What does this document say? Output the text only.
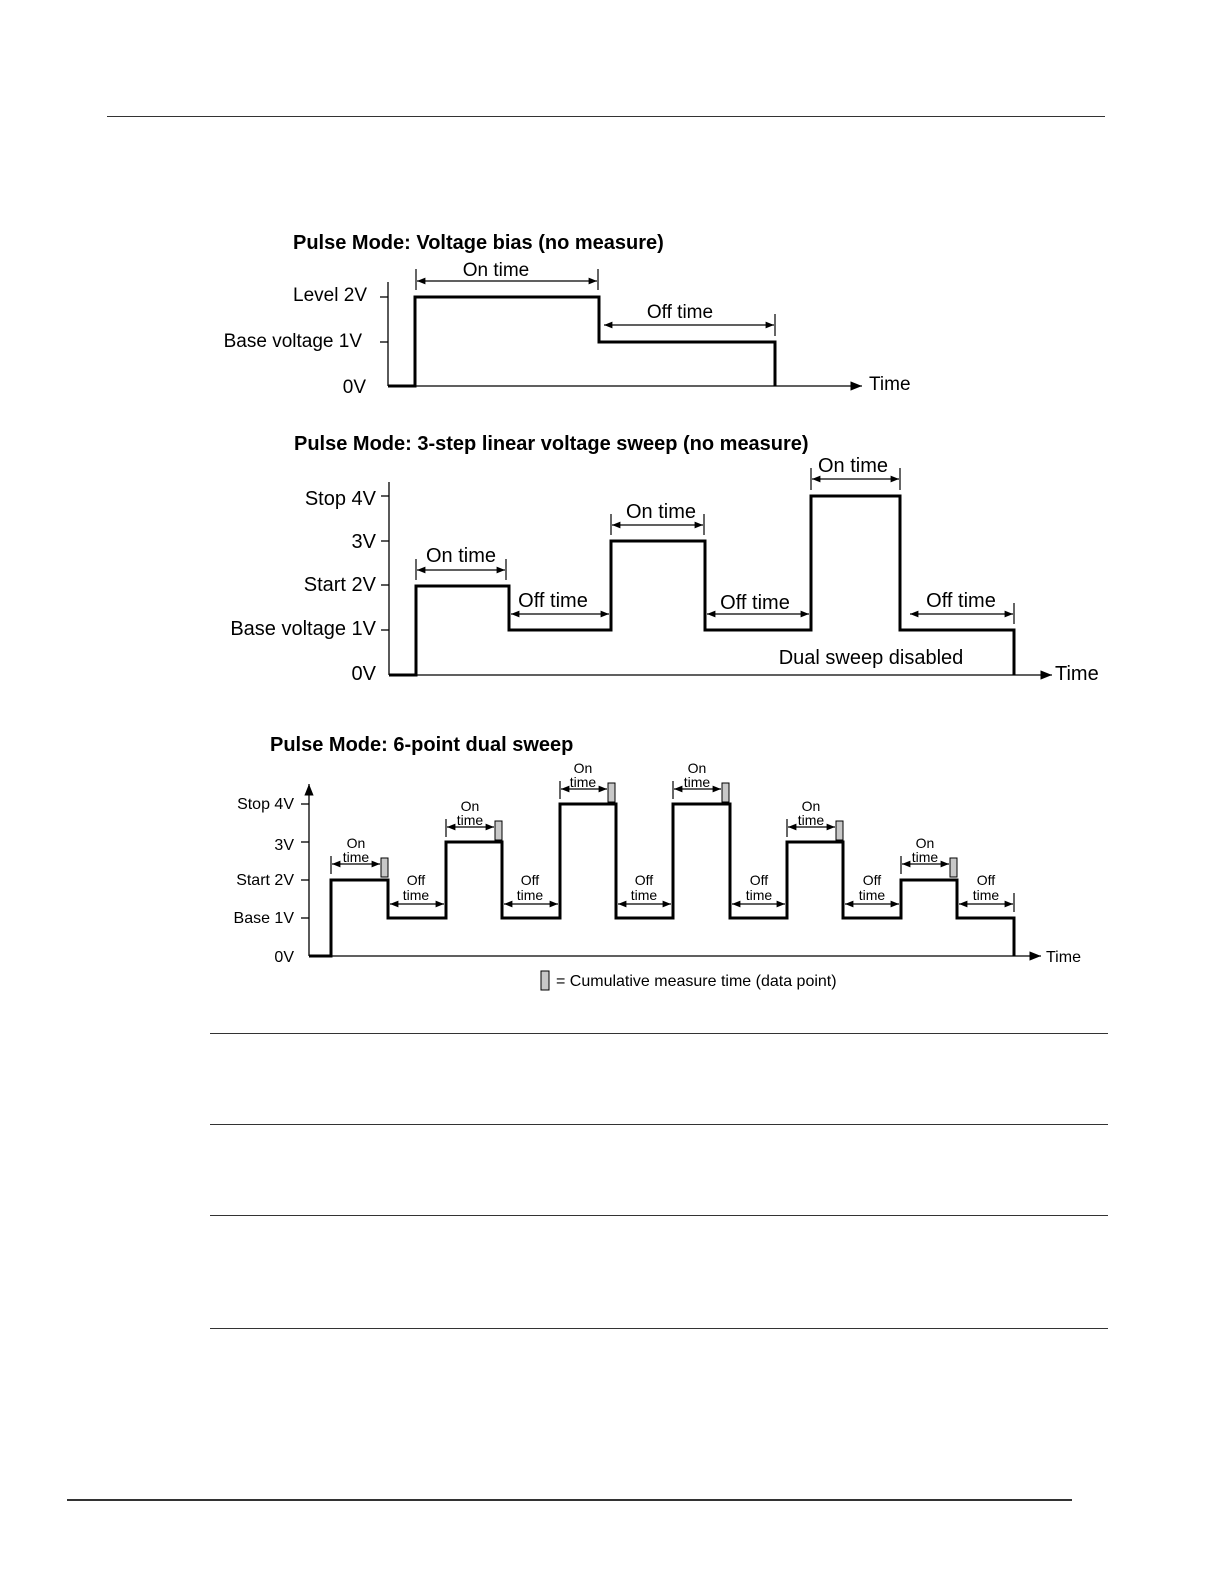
Pulse Mode: Voltage bias (no measure)
Level 2V
Base voltage 1V
0V	Time
On time
Off time
Pulse Mode: 3-step linear voltage sweep (no measure)
Stop 4V
3V
Start 2V
Base voltage 1V
0V	Time
On time
On time
On time
Off time	Off time	Off time
Dual sweep disabled
Pulse Mode: 6-point dual sweep
Stop 4V
3V
Start 2V
Base 1V
0V	Time
On
time
On
time
On
time
On
time
On
time
On
time
Off
time
Off
time
Off
time
Off
time
Off
time
Off
time
= Cumulative measure time (data point)
